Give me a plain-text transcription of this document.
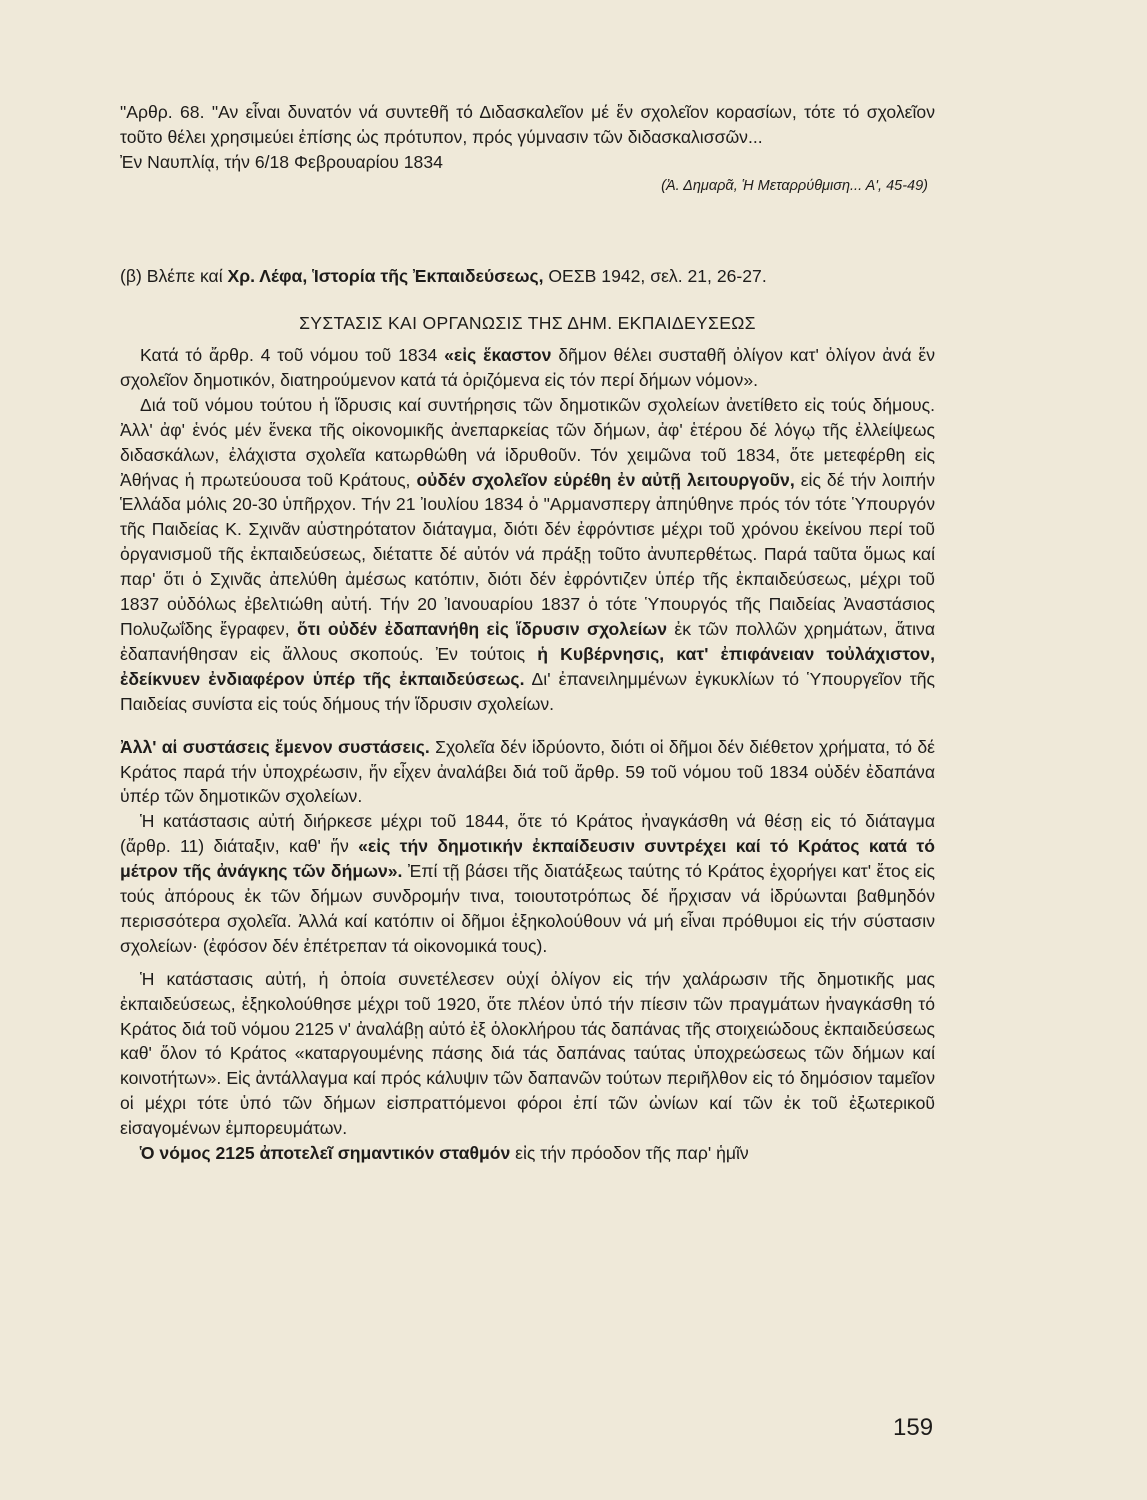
"Αρθρ. 68. "Αν εἶναι δυνατόν νά συντεθῆ τό Διδασκαλεῖον μέ ἕν σχολεῖον κορασίων, τότε τό σχολεῖον τοῦτο θέλει χρησιμεύει ἐπίσης ὡς πρότυπον, πρός γύμνασιν τῶν διδασκαλισσῶν...

Ἐν Ναυπλίᾳ, τήν 6/18 Φεβρουαρίου 1834

(Ἀ. Δημαρᾶ, Ἡ Μεταρρύθμιση... Α', 45-49)

(β) Βλέπε καί Χρ. Λέφα, Ἱστορία τῆς Ἐκπαιδεύσεως, ΟΕΣΒ 1942, σελ. 21, 26-27.

ΣΥΣΤΑΣΙΣ ΚΑΙ ΟΡΓΑΝΩΣΙΣ ΤΗΣ ΔΗΜ. ΕΚΠΑΙΔΕΥΣΕΩΣ

Κατά τό ἄρθρ. 4 τοῦ νόμου τοῦ 1834 «εἰς ἕκαστον δῆμον θέλει συσταθῆ ὀλίγον κατ' ὀλίγον ἀνά ἕν σχολεῖον δημοτικόν, διατηρούμενον κατά τά ὁριζόμενα εἰς τόν περί δήμων νόμον».

Διά τοῦ νόμου τούτου ἡ ἵδρυσις καί συντήρησις τῶν δημοτικῶν σχολείων ἀνετίθετο εἰς τούς δήμους. Ἀλλ' ἀφ' ἑνός μέν ἕνεκα τῆς οἰκονομικῆς ἀνεπαρκείας τῶν δήμων, ἀφ' ἑτέρου δέ λόγῳ τῆς ἐλλείψεως διδασκάλων, ἐλάχιστα σχολεῖα κατωρθώθη νά ἱδρυθοῦν. Τόν χειμῶνα τοῦ 1834, ὅτε μετεφέρθη εἰς Ἀθήνας ἡ πρωτεύουσα τοῦ Κράτους, οὐδέν σχολεῖον εὑρέθη ἐν αὐτῇ λειτουργοῦν, εἰς δέ τήν λοιπήν Ἑλλάδα μόλις 20-30 ὑπῆρχον. Τήν 21 Ἰουλίου 1834 ὁ "Αρμανσπεργ ἀπηύθηνε πρός τόν τότε Ὑπουργόν τῆς Παιδείας Κ. Σχινᾶν αὐστηρότατον διάταγμα, διότι δέν ἐφρόντισε μέχρι τοῦ χρόνου ἐκείνου περί τοῦ ὀργανισμοῦ τῆς ἐκπαιδεύσεως, διέταττε δέ αὐτόν νά πράξῃ τοῦτο ἀνυπερθέτως. Παρά ταῦτα ὅμως καί παρ' ὅτι ὁ Σχινᾶς ἀπελύθη ἀμέσως κατόπιν, διότι δέν ἐφρόντιζεν ὑπέρ τῆς ἐκπαιδεύσεως, μέχρι τοῦ 1837 οὐδόλως ἐβελτιώθη αὐτή. Τήν 20 Ἰανουαρίου 1837 ὁ τότε Ὑπουργός τῆς Παιδείας Ἀναστάσιος Πολυζωΐδης ἔγραφεν, ὅτι οὐδέν ἐδαπανήθη εἰς ἵδρυσιν σχολείων ἐκ τῶν πολλῶν χρημάτων, ἅτινα ἐδαπανήθησαν εἰς ἄλλους σκοπούς. Ἐν τούτοις ἡ Κυβέρνησις, κατ' ἐπιφάνειαν τοὐλάχιστον, ἐδείκνυεν ἐνδιαφέρον ὑπέρ τῆς ἐκπαιδεύσεως. Δι' ἐπανειλημμένων ἐγκυκλίων τό Ὑπουργεῖον τῆς Παιδείας συνίστα εἰς τούς δήμους τήν ἵδρυσιν σχολείων.

Ἀλλ' αἱ συστάσεις ἔμενον συστάσεις. Σχολεῖα δέν ἱδρύοντο, διότι οἱ δῆμοι δέν διέθετον χρήματα, τό δέ Κράτος παρά τήν ὑποχρέωσιν, ἥν εἶχεν ἀναλάβει διά τοῦ ἄρθρ. 59 τοῦ νόμου τοῦ 1834 οὐδέν ἐδαπάνα ὑπέρ τῶν δημοτικῶν σχολείων.

Ἡ κατάστασις αὐτή διήρκεσε μέχρι τοῦ 1844, ὅτε τό Κράτος ἠναγκάσθη νά θέσῃ εἰς τό διάταγμα (ἄρθρ. 11) διάταξιν, καθ' ἥν «εἰς τήν δημοτικήν ἐκπαίδευσιν συντρέχει καί τό Κράτος κατά τό μέτρον τῆς ἀνάγκης τῶν δήμων». Ἐπί τῇ βάσει τῆς διατάξεως ταύτης τό Κράτος ἐχορήγει κατ' ἔτος εἰς τούς ἀπόρους ἐκ τῶν δήμων συνδρομήν τινα, τοιουτοτρόπως δέ ἤρχισαν νά ἱδρύωνται βαθμηδόν περισσότερα σχολεῖα. Ἀλλά καί κατόπιν οἱ δῆμοι ἐξηκολούθουν νά μή εἶναι πρόθυμοι εἰς τήν σύστασιν σχολείων· (ἐφόσον δέν ἐπέτρεπαν τά οἰκονομικά τους).

Ἡ κατάστασις αὐτή, ἡ ὁποία συνετέλεσεν οὐχί ὀλίγον εἰς τήν χαλάρωσιν τῆς δημοτικῆς μας ἐκπαιδεύσεως, ἐξηκολούθησε μέχρι τοῦ 1920, ὅτε πλέον ὑπό τήν πίεσιν τῶν πραγμάτων ἠναγκάσθη τό Κράτος διά τοῦ νόμου 2125 ν' ἀναλάβῃ αὐτό ἐξ ὁλοκλήρου τάς δαπάνας τῆς στοιχειώδους ἐκπαιδεύσεως καθ' ὅλον τό Κράτος «καταργουμένης πάσης διά τάς δαπάνας ταύτας ὑποχρεώσεως τῶν δήμων καί κοινοτήτων». Εἰς ἀντάλλαγμα καί πρός κάλυψιν τῶν δαπανῶν τούτων περιῆλθον εἰς τό δημόσιον ταμεῖον οἱ μέχρι τότε ὑπό τῶν δήμων εἰσπραττόμενοι φόροι ἐπί τῶν ὠνίων καί τῶν ἐκ τοῦ ἐξωτερικοῦ εἰσαγομένων ἐμπορευμάτων.

Ὁ νόμος 2125 ἀποτελεῖ σημαντικόν σταθμόν εἰς τήν πρόοδον τῆς παρ' ἡμῖν

159
